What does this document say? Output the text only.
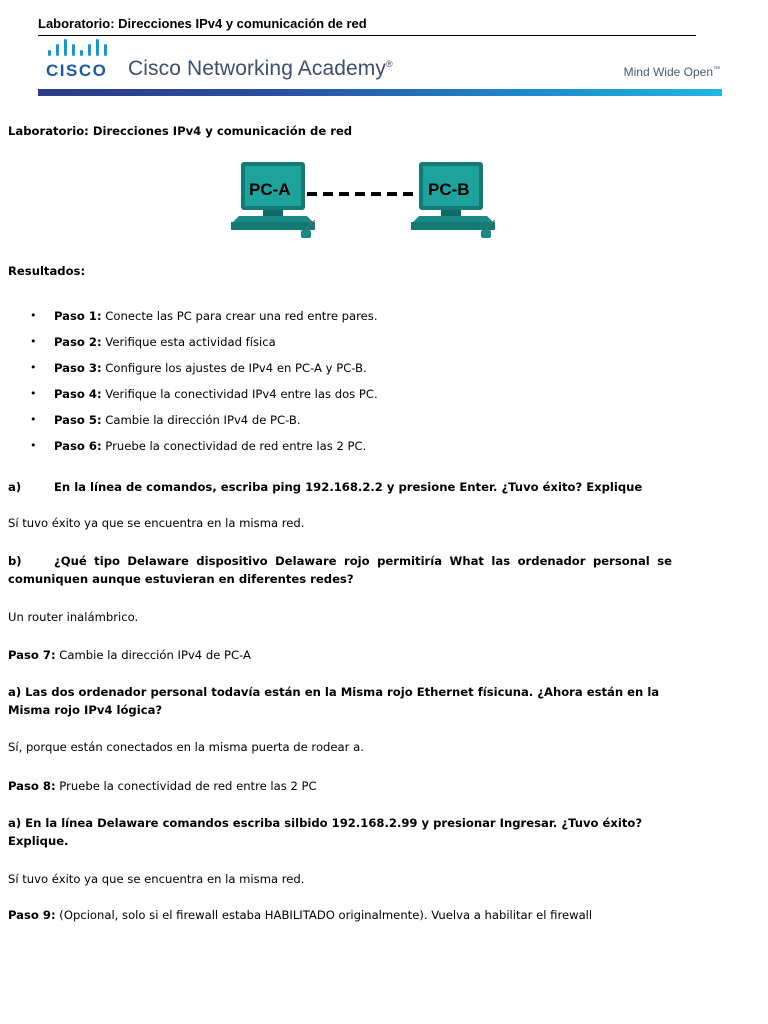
Laboratorio: Direcciones IPv4 y comunicación de red
CISCO Cisco Networking Academy®
Mind Wide Open™

Laboratorio: Direcciones IPv4 y comunicación de red

PC-A	PC-B

Resultados:

• Paso 1: Conecte las PC para crear una red entre pares.
• Paso 2: Verifique esta actividad física
• Paso 3: Configure los ajustes de IPv4 en PC-A y PC-B.
• Paso 4: Verifique la conectividad IPv4 entre las dos PC.
• Paso 5: Cambie la dirección IPv4 de PC-B.
• Paso 6: Pruebe la conectividad de red entre las 2 PC.

a)	En la línea de comandos, escriba ping 192.168.2.2 y presione Enter. ¿Tuvo éxito? Explique

Sí tuvo éxito ya que se encuentra en la misma red.

b)	¿Qué tipo Delaware dispositivo Delaware rojo permitiría What las ordenador personal se comuniquen aunque estuvieran en diferentes redes?

Un router inalámbrico.

Paso 7: Cambie la dirección IPv4 de PC-A

a) Las dos ordenador personal todavía están en la Misma rojo Ethernet físicuna. ¿Ahora están en la Misma rojo IPv4 lógica?

Sí, porque están conectados en la misma puerta de rodear a.

Paso 8: Pruebe la conectividad de red entre las 2 PC

a) En la línea Delaware comandos escriba silbido 192.168.2.99 y presionar Ingresar. ¿Tuvo éxito? Explique.

Sí tuvo éxito ya que se encuentra en la misma red.

Paso 9: (Opcional, solo si el firewall estaba HABILITADO originalmente). Vuelva a habilitar el firewall
